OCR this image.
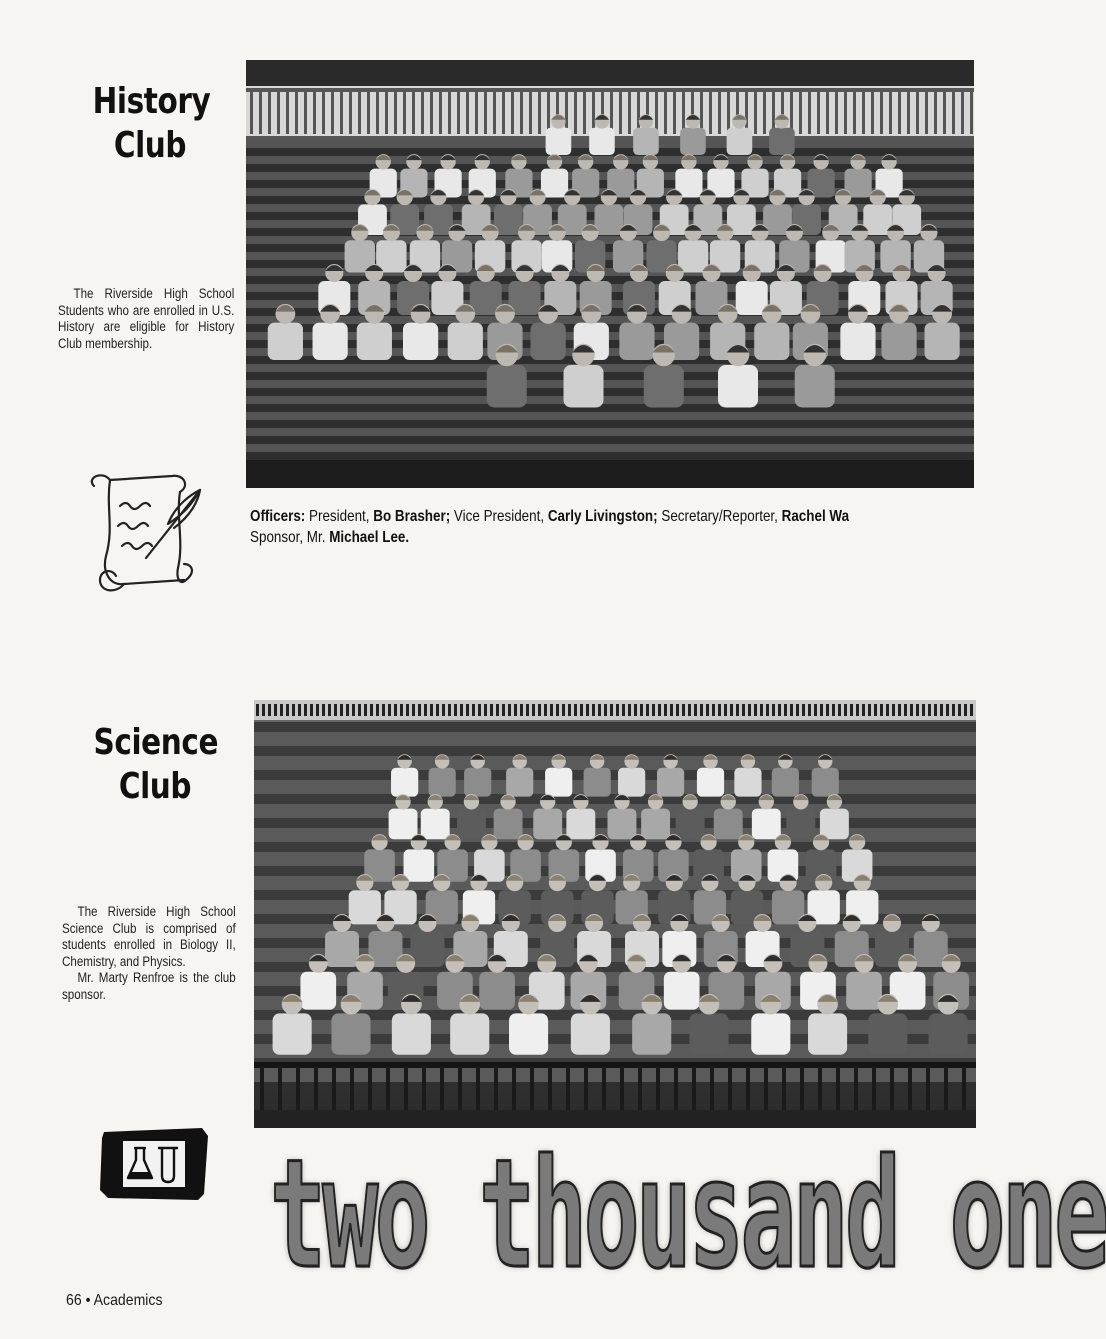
History
Club

The Riverside High School Students who are enrolled in U.S. History are eligible for History Club membership.

Officers: President, Bo Brasher; Vice President, Carly Livingston; Secretary/Reporter, Rachel Wa
Sponsor, Mr. Michael Lee.
Science
Club

The Riverside High School Science Club is comprised of students enrolled in Biology II, Chemistry, and Physics.

Mr. Marty Renfroe is the club sponsor.

two thousand one
66 • Academics
